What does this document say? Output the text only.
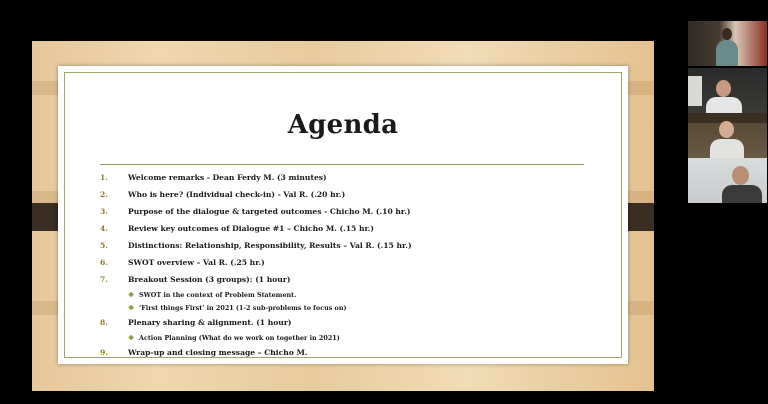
Agenda
1.	Welcome remarks - Dean Ferdy M. (3 minutes)
2.	Who is here? (Individual check-in) - Val R. (.20 hr.)
3.	Purpose of the dialogue & targeted outcomes - Chicho M. (.10 hr.)
4.	Review key outcomes of Dialogue #1 – Chicho M. (.15 hr.)
5.	Distinctions: Relationship, Responsibility, Results – Val R. (.15 hr.)
6.	SWOT overview – Val R. (.25 hr.)
7.	Breakout Session (3 groups): (1 hour)
❖ SWOT in the context of Problem Statement.
❖ ‘First things First’ in 2021 (1-2 sub-problems to focus on)
8.	Plenary sharing & alignment. (1 hour)
❖ Action Planning (What do we work on together in 2021)
9.	Wrap-up and closing message – Chicho M.
